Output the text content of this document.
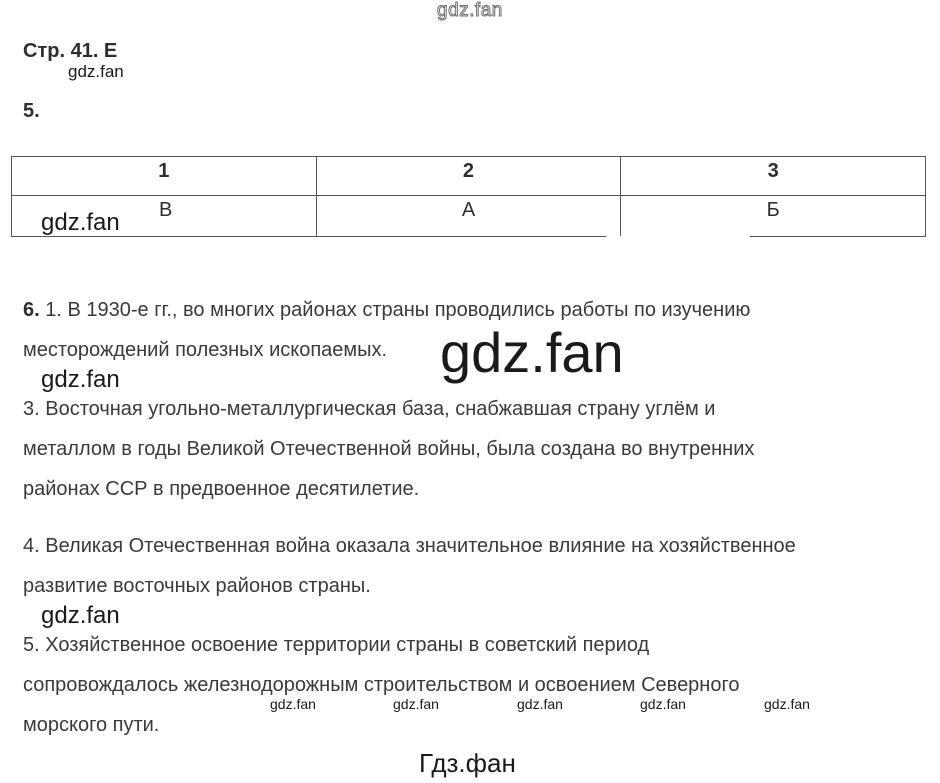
gdz.fan
Стр. 41. Е
gdz.fan
5.
1	2	3
В	А	Б
gdz.fan
6. 1. В 1930-е гг., во многих районах страны проводились работы по изучению
месторождений полезных ископаемых. gdz.fan
gdz.fan
3. Восточная угольно-металлургическая база, снабжавшая страну углём и
металлом в годы Великой Отечественной войны, была создана во внутренних
районах ССР в предвоенное десятилетие.
4. Великая Отечественная война оказала значительное влияние на хозяйственное
развитие восточных районов страны.
gdz.fan
5. Хозяйственное освоение территории страны в советский период
сопровождалось железнодорожным строительством и освоением Северного
морского пути.
gdz.fan	gdz.fan	gdz.fan	gdz.fan	gdz.fan
Гдз.фан
